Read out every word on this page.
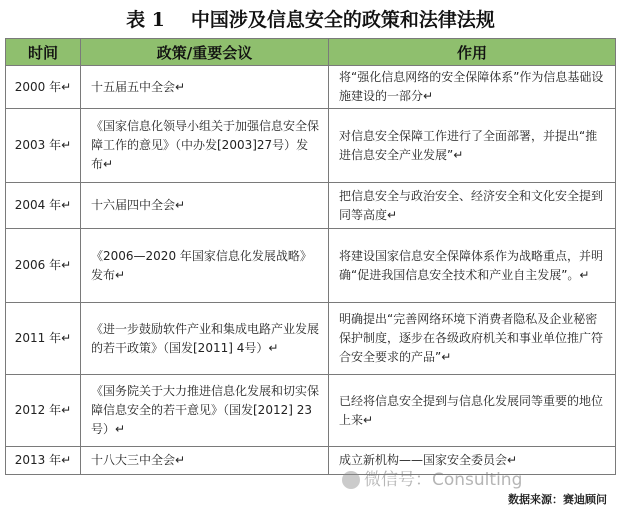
表 1 中国涉及信息安全的政策和法律法规
时间	政策/重要会议	作用
2000 年↵	十五届五中全会↵	将“强化信息网络的安全保障体系”作为信息基础设施建设的一部分↵
2003 年↵	《国家信息化领导小组关于加强信息安全保障工作的意见》（中办发[2003]27号）发布↵	对信息安全保障工作进行了全面部署，并提出“推进信息安全产业发展”↵
2004 年↵	十六届四中全会↵	把信息安全与政治安全、经济安全和文化安全提到同等高度↵
2006 年↵	《2006—2020 年国家信息化发展战略》发布↵	将建设国家信息安全保障体系作为战略重点，并明确“促进我国信息安全技术和产业自主发展”。↵
2011 年↵	《进一步鼓励软件产业和集成电路产业发展的若干政策》（国发[2011] 4号）↵	明确提出“完善网络环境下消费者隐私及企业秘密保护制度，逐步在各级政府机关和事业单位推广符合安全要求的产品”↵
2012 年↵	《国务院关于大力推进信息化发展和切实保障信息安全的若干意见》（国发[2012] 23 号）↵	已经将信息安全提到与信息化发展同等重要的地位上来↵
2013 年↵	十八大三中全会↵	成立新机构——国家安全委员会↵
微信号：Consulting
数据来源：赛迪顾问
